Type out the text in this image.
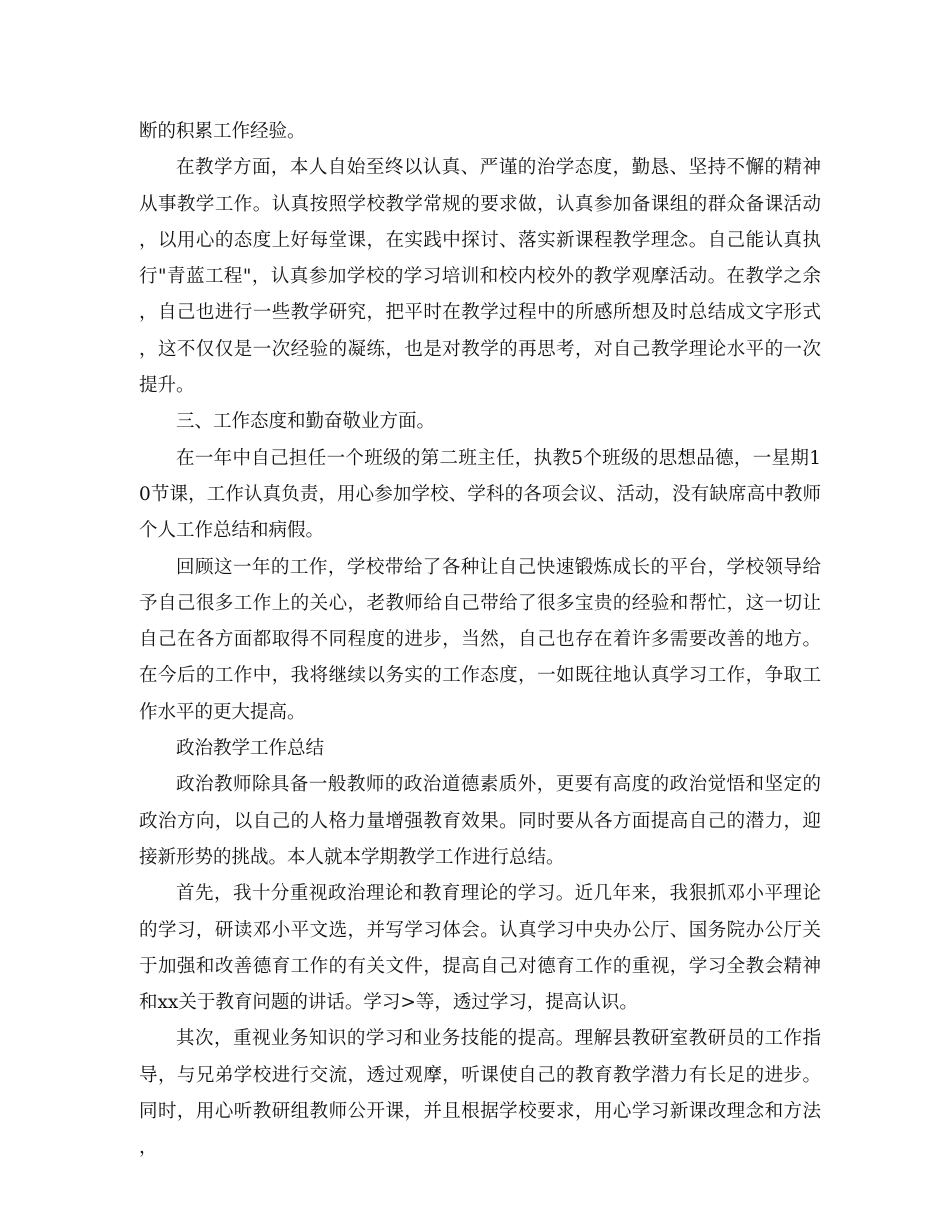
断的积累工作经验。

在教学方面，本人自始至终以认真、严谨的治学态度，勤恳、坚持不懈的精神从事教学工作。认真按照学校教学常规的要求做，认真参加备课组的群众备课活动，以用心的态度上好每堂课，在实践中探讨、落实新课程教学理念。自己能认真执行"青蓝工程"，认真参加学校的学习培训和校内校外的教学观摩活动。在教学之余，自己也进行一些教学研究，把平时在教学过程中的所感所想及时总结成文字形式，这不仅仅是一次经验的凝练，也是对教学的再思考，对自己教学理论水平的一次提升。

三、工作态度和勤奋敬业方面。

在一年中自己担任一个班级的第二班主任，执教5个班级的思想品德，一星期10节课，工作认真负责，用心参加学校、学科的各项会议、活动，没有缺席高中教师个人工作总结和病假。

回顾这一年的工作，学校带给了各种让自己快速锻炼成长的平台，学校领导给予自己很多工作上的关心，老教师给自己带给了很多宝贵的经验和帮忙，这一切让自己在各方面都取得不同程度的进步，当然，自己也存在着许多需要改善的地方。在今后的工作中，我将继续以务实的工作态度，一如既往地认真学习工作，争取工作水平的更大提高。

政治教学工作总结

政治教师除具备一般教师的政治道德素质外，更要有高度的政治觉悟和坚定的政治方向，以自己的人格力量增强教育效果。同时要从各方面提高自己的潜力，迎接新形势的挑战。本人就本学期教学工作进行总结。

首先，我十分重视政治理论和教育理论的学习。近几年来，我狠抓邓小平理论的学习，研读邓小平文选，并写学习体会。认真学习中央办公厅、国务院办公厅关于加强和改善德育工作的有关文件，提高自己对德育工作的重视，学习全教会精神和xx关于教育问题的讲话。学习>等，透过学习，提高认识。

其次，重视业务知识的学习和业务技能的提高。理解县教研室教研员的工作指导，与兄弟学校进行交流，透过观摩，听课使自己的教育教学潜力有长足的进步。同时，用心听教研组教师公开课，并且根据学校要求，用心学习新课改理念和方法，
